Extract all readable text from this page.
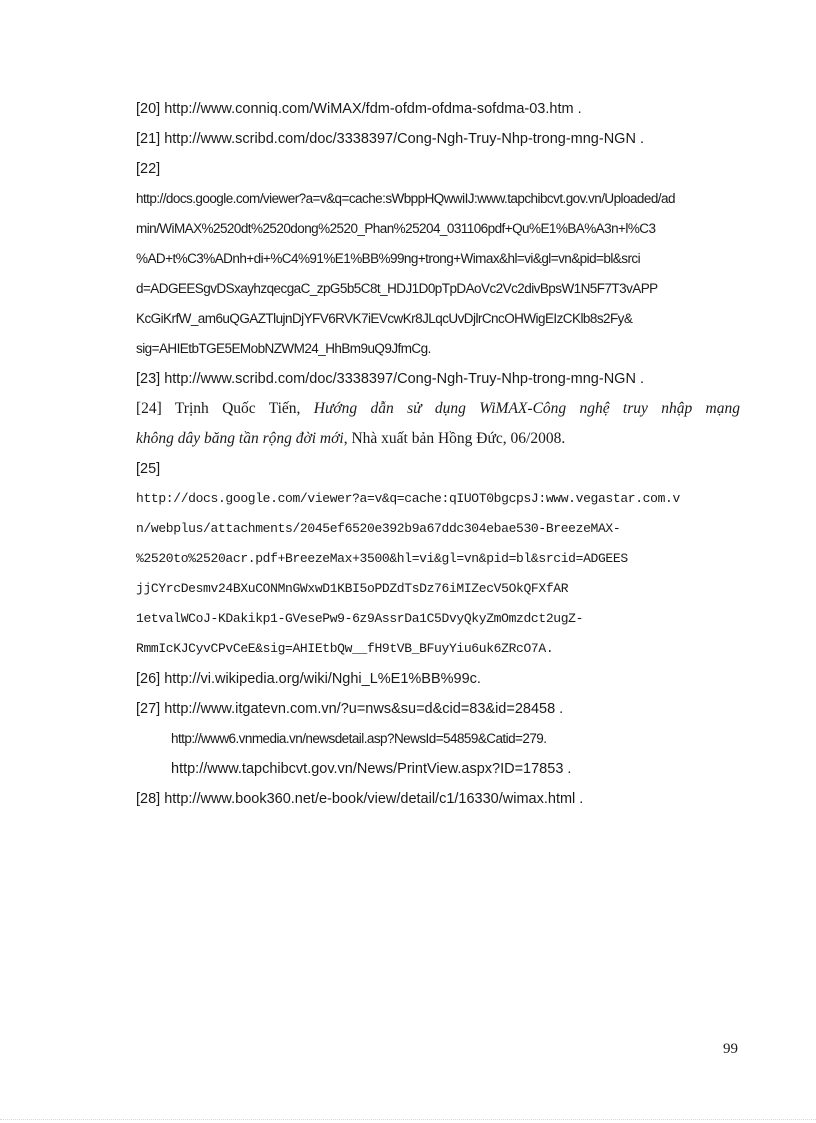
[20] http://www.conniq.com/WiMAX/fdm-ofdm-ofdma-sofdma-03.htm .
[21] http://www.scribd.com/doc/3338397/Cong-Ngh-Truy-Nhp-trong-mng-NGN .
[22]
http://docs.google.com/viewer?a=v&q=cache:sWbppHQwwiIJ:www.tapchibcvt.gov.vn/Uploaded/ad
min/WiMAX%2520dt%2520dong%2520_Phan%25204_031106pdf+Qu%E1%BA%A3n+l%C3
%AD+t%C3%ADnh+di+%C4%91%E1%BB%99ng+trong+Wimax&hl=vi&gl=vn&pid=bl&srci
d=ADGEESgvDSxayhzqecgaC_zpG5b5C8t_HDJ1D0pTpDAoVc2Vc2divBpsW1N5F7T3vAPP
KcGiKrfW_am6uQGAZTlujnDjYFV6RVK7iEVcwKr8JLqcUvDjlrCncOHWigEIzCKlb8s2Fy&
sig=AHIEtbTGE5EMobNZWM24_HhBm9uQ9JfmCg.
[23] http://www.scribd.com/doc/3338397/Cong-Ngh-Truy-Nhp-trong-mng-NGN .
[24] Trịnh Quốc Tiến, Hướng dẫn sử dụng WiMAX-Công nghệ truy nhập mạng
không dây băng tần rộng đời mới, Nhà xuất bản Hồng Đức, 06/2008.
[25]
http://docs.google.com/viewer?a=v&q=cache:qIUOT0bgcpsJ:www.vegastar.com.v
n/webplus/attachments/2045ef6520e392b9a67ddc304ebae530-BreezeMAX-
%2520to%2520acr.pdf+BreezeMax+3500&hl=vi&gl=vn&pid=bl&srcid=ADGEES
jjCYrcDesmv24BXuCONMnGWxwD1KBI5oPDZdTsDz76iMIZecV5OkQFXfAR
1etvalWCoJ-KDakikp1-GVesePw9-6z9AssrDa1C5DvyQkyZmOmzdct2ugZ-
RmmIcKJCyvCPvCeE&sig=AHIEtbQw__fH9tVB_BFuyYiu6uk6ZRcO7A.
[26] http://vi.wikipedia.org/wiki/Nghi_L%E1%BB%99c.
[27] http://www.itgatevn.com.vn/?u=nws&su=d&cid=83&id=28458 .
http://www6.vnmedia.vn/newsdetail.asp?NewsId=54859&Catid=279.
http://www.tapchibcvt.gov.vn/News/PrintView.aspx?ID=17853 .
[28] http://www.book360.net/e-book/view/detail/c1/16330/wimax.html .
99
